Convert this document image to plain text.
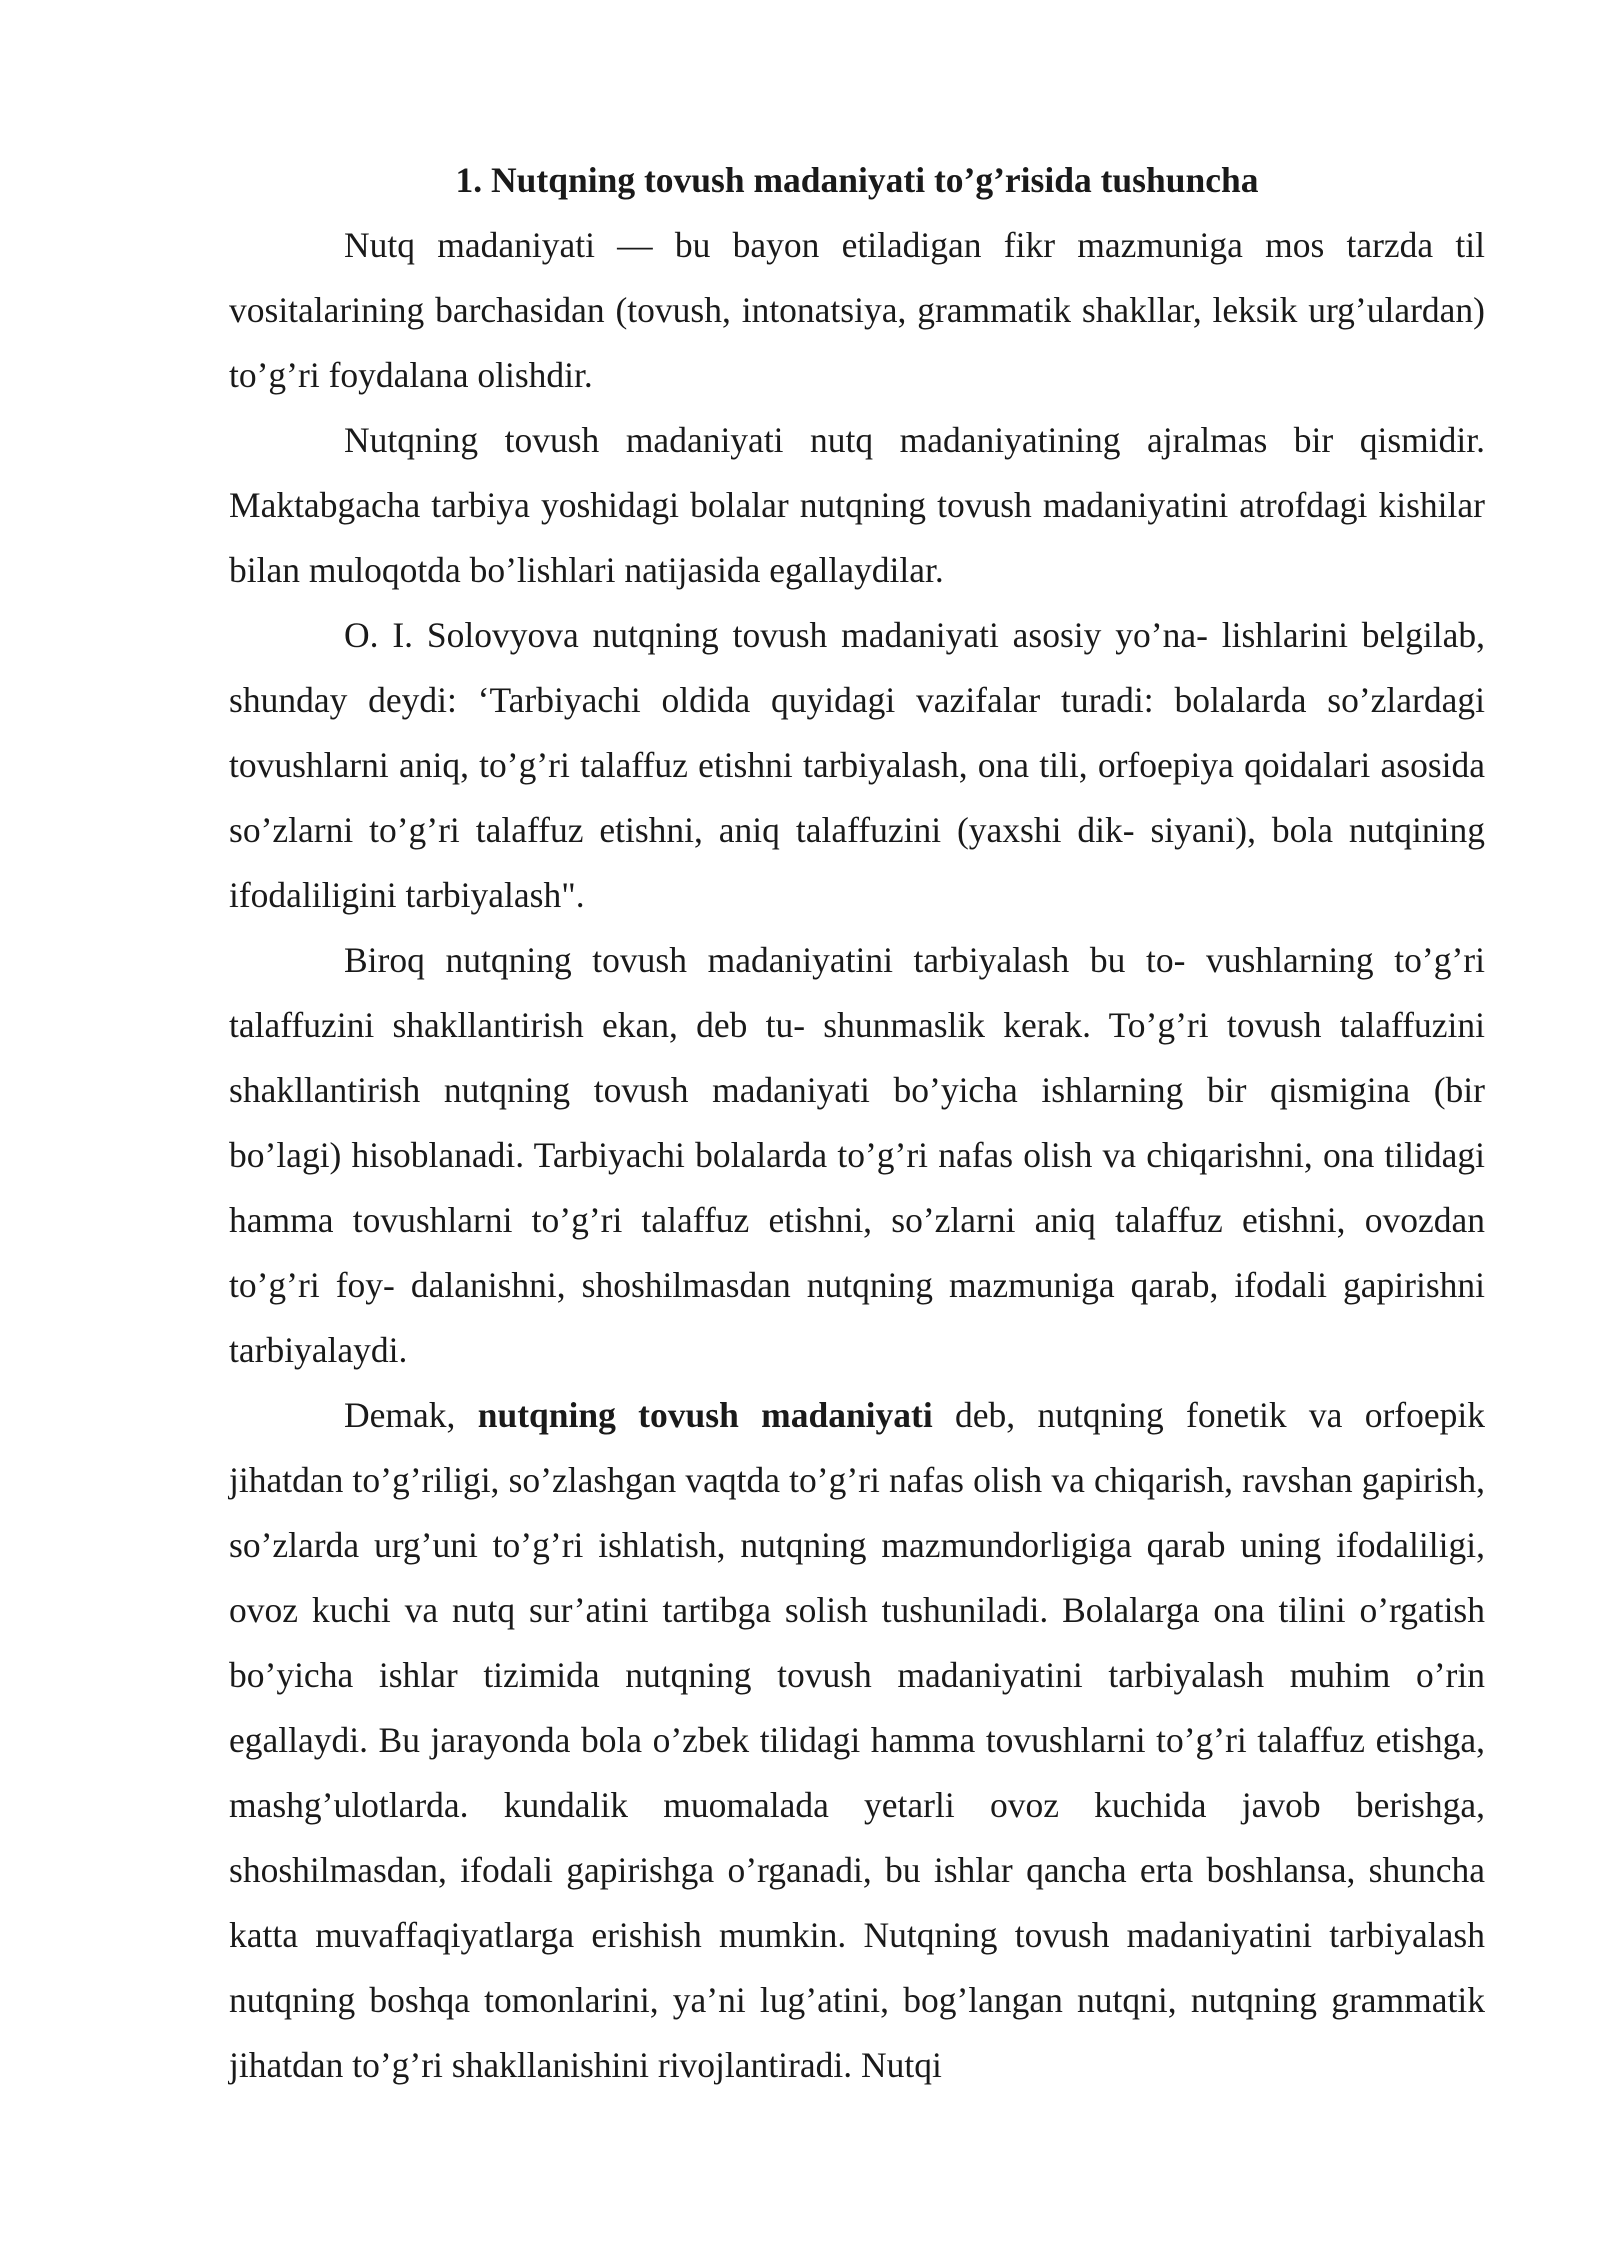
1. Nutqning tovush madaniyati to’g’risida tushuncha

Nutq madaniyati — bu bayon etiladigan fikr mazmuniga mos tarzda til vositalarining barchasidan (tovush, intonatsiya, grammatik shakllar, leksik urg’ulardan) to’g’ri foydalana olishdir.

Nutqning tovush madaniyati nutq madaniyatining ajralmas bir qismidir. Maktabgacha tarbiya yoshidagi bolalar nutqning tovush madaniyatini atrofdagi kishilar bilan muloqotda bo’lishlari natijasida egallaydilar.

O. I. Solovyova nutqning tovush madaniyati asosiy yo’na- lishlarini belgilab, shunday deydi: ‘Tarbiyachi oldida quyidagi vazifalar turadi: bolalarda so’zlardagi tovushlarni aniq, to’g’ri talaffuz etishni tarbiyalash, ona tili, orfoepiya qoidalari asosida so’zlarni to’g’ri talaffuz etishni, aniq talaffuzini (yaxshi dik- siyani), bola nutqining ifodaliligini tarbiyalash".

Biroq nutqning tovush madaniyatini tarbiyalash bu to- vushlarning to’g’ri talaffuzini shakllantirish ekan, deb tu- shunmaslik kerak. To’g’ri tovush talaffuzini shakllantirish nutqning tovush madaniyati bo’yicha ishlarning bir qismigina (bir bo’lagi) hisoblanadi. Tarbiyachi bolalarda to’g’ri nafas olish va chiqarishni, ona tilidagi hamma tovushlarni to’g’ri talaffuz etishni, so’zlarni aniq talaffuz etishni, ovozdan to’g’ri foy- dalanishni, shoshilmasdan nutqning mazmuniga qarab, ifodali gapirishni tarbiyalaydi.

Demak, nutqning tovush madaniyati deb, nutqning fonetik va orfoepik jihatdan to’g’riligi, so’zlashgan vaqtda to’g’ri nafas olish va chiqarish, ravshan gapirish, so’zlarda urg’uni to’g’ri ishlatish, nutqning mazmundorligiga qarab uning ifodaliligi, ovoz kuchi va nutq sur’atini tartibga solish tushuniladi. Bolalarga ona tilini o’rgatish bo’yicha ishlar tizimida nutqning tovush madaniyatini tarbiyalash muhim o’rin egallaydi. Bu jarayonda bola o’zbek tilidagi hamma tovushlarni to’g’ri talaffuz etishga, mashg’ulotlarda. kundalik muomalada yetarli ovoz kuchida javob berishga, shoshilmasdan, ifodali gapirishga o’rganadi, bu ishlar qancha erta boshlansa, shuncha katta muvaffaqiyatlarga erishish mumkin. Nutqning tovush madaniyatini tarbiyalash nutqning boshqa tomonlarini, ya’ni lug’atini, bog’langan nutqni, nutqning grammatik jihatdan to’g’ri shakllanishini rivojlantiradi. Nutqi
